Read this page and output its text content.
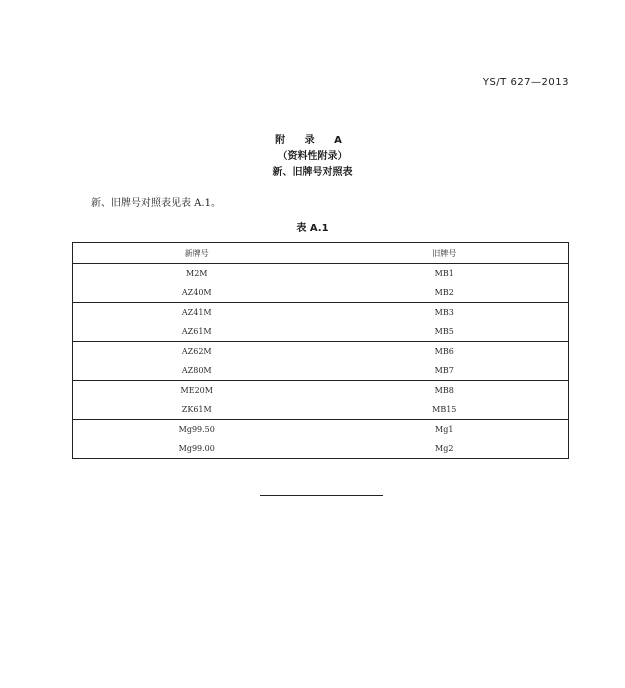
YS/T 627—2013
附 录 A
（资料性附录）
新、旧牌号对照表
新、旧牌号对照表见表 A.1。
表 A.1
新牌号	旧牌号
M2M	MB1
AZ40M	MB2
AZ41M	MB3
AZ61M	MB5
AZ62M	MB6
AZ80M	MB7
ME20M	MB8
ZK61M	MB15
Mg99.50	Mg1
Mg99.00	Mg2
